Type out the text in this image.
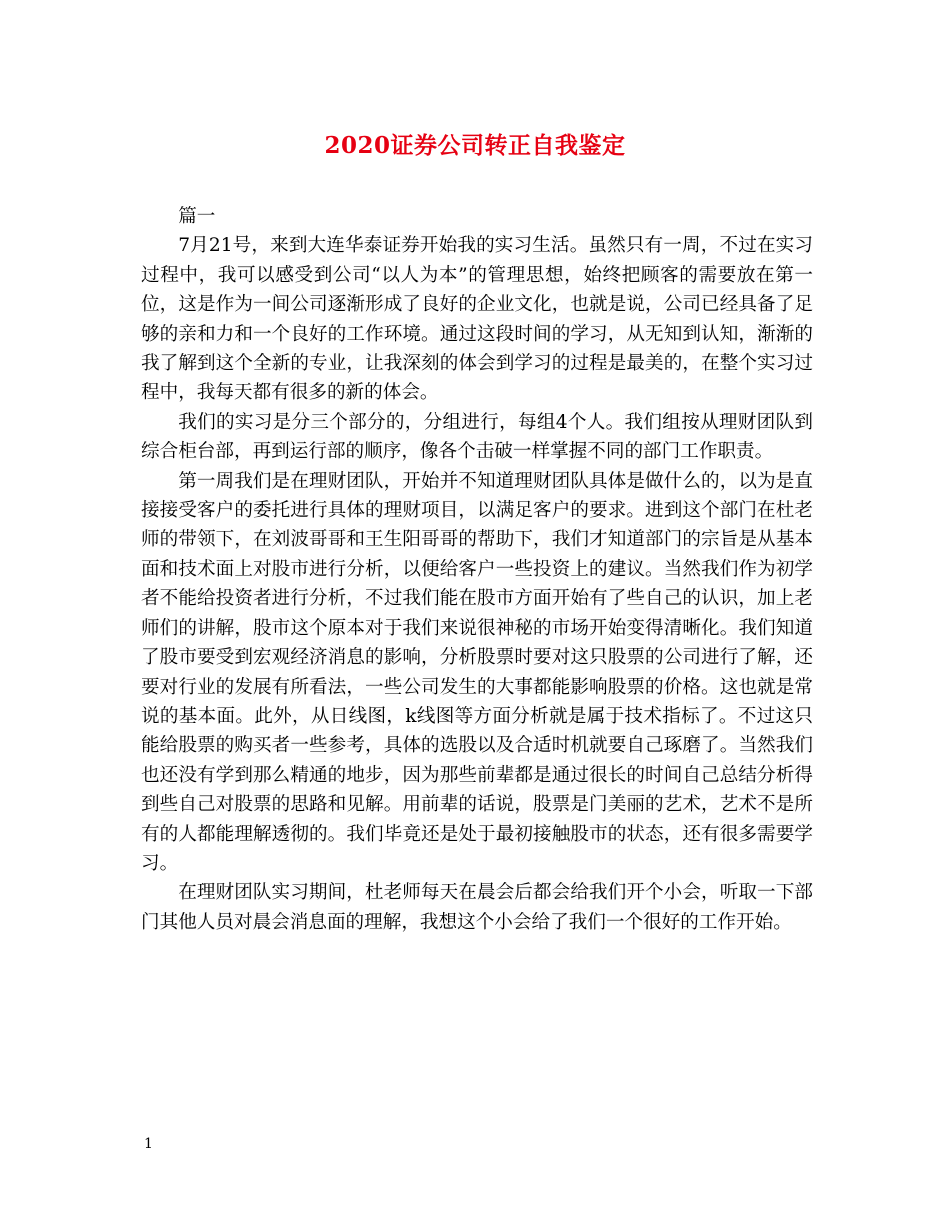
2020证券公司转正自我鉴定

篇一

7月21号，来到大连华泰证券开始我的实习生活。虽然只有一周，不过在实习过程中，我可以感受到公司“以人为本”的管理思想，始终把顾客的需要放在第一位，这是作为一间公司逐渐形成了良好的企业文化，也就是说，公司已经具备了足够的亲和力和一个良好的工作环境。通过这段时间的学习，从无知到认知，渐渐的我了解到这个全新的专业，让我深刻的体会到学习的过程是最美的，在整个实习过程中，我每天都有很多的新的体会。

我们的实习是分三个部分的，分组进行，每组4个人。我们组按从理财团队到综合柜台部，再到运行部的顺序，像各个击破一样掌握不同的部门工作职责。

第一周我们是在理财团队，开始并不知道理财团队具体是做什么的，以为是直接接受客户的委托进行具体的理财项目，以满足客户的要求。进到这个部门在杜老师的带领下，在刘波哥哥和王生阳哥哥的帮助下，我们才知道部门的宗旨是从基本面和技术面上对股市进行分析，以便给客户一些投资上的建议。当然我们作为初学者不能给投资者进行分析，不过我们能在股市方面开始有了些自己的认识，加上老师们的讲解，股市这个原本对于我们来说很神秘的市场开始变得清晰化。我们知道了股市要受到宏观经济消息的影响，分析股票时要对这只股票的公司进行了解，还要对行业的发展有所看法，一些公司发生的大事都能影响股票的价格。这也就是常说的基本面。此外，从日线图，k线图等方面分析就是属于技术指标了。不过这只能给股票的购买者一些参考，具体的选股以及合适时机就要自己琢磨了。当然我们也还没有学到那么精通的地步，因为那些前辈都是通过很长的时间自己总结分析得到些自己对股票的思路和见解。用前辈的话说，股票是门美丽的艺术，艺术不是所有的人都能理解透彻的。我们毕竟还是处于最初接触股市的状态，还有很多需要学习。

在理财团队实习期间，杜老师每天在晨会后都会给我们开个小会，听取一下部门其他人员对晨会消息面的理解，我想这个小会给了我们一个很好的工作开始。

1
